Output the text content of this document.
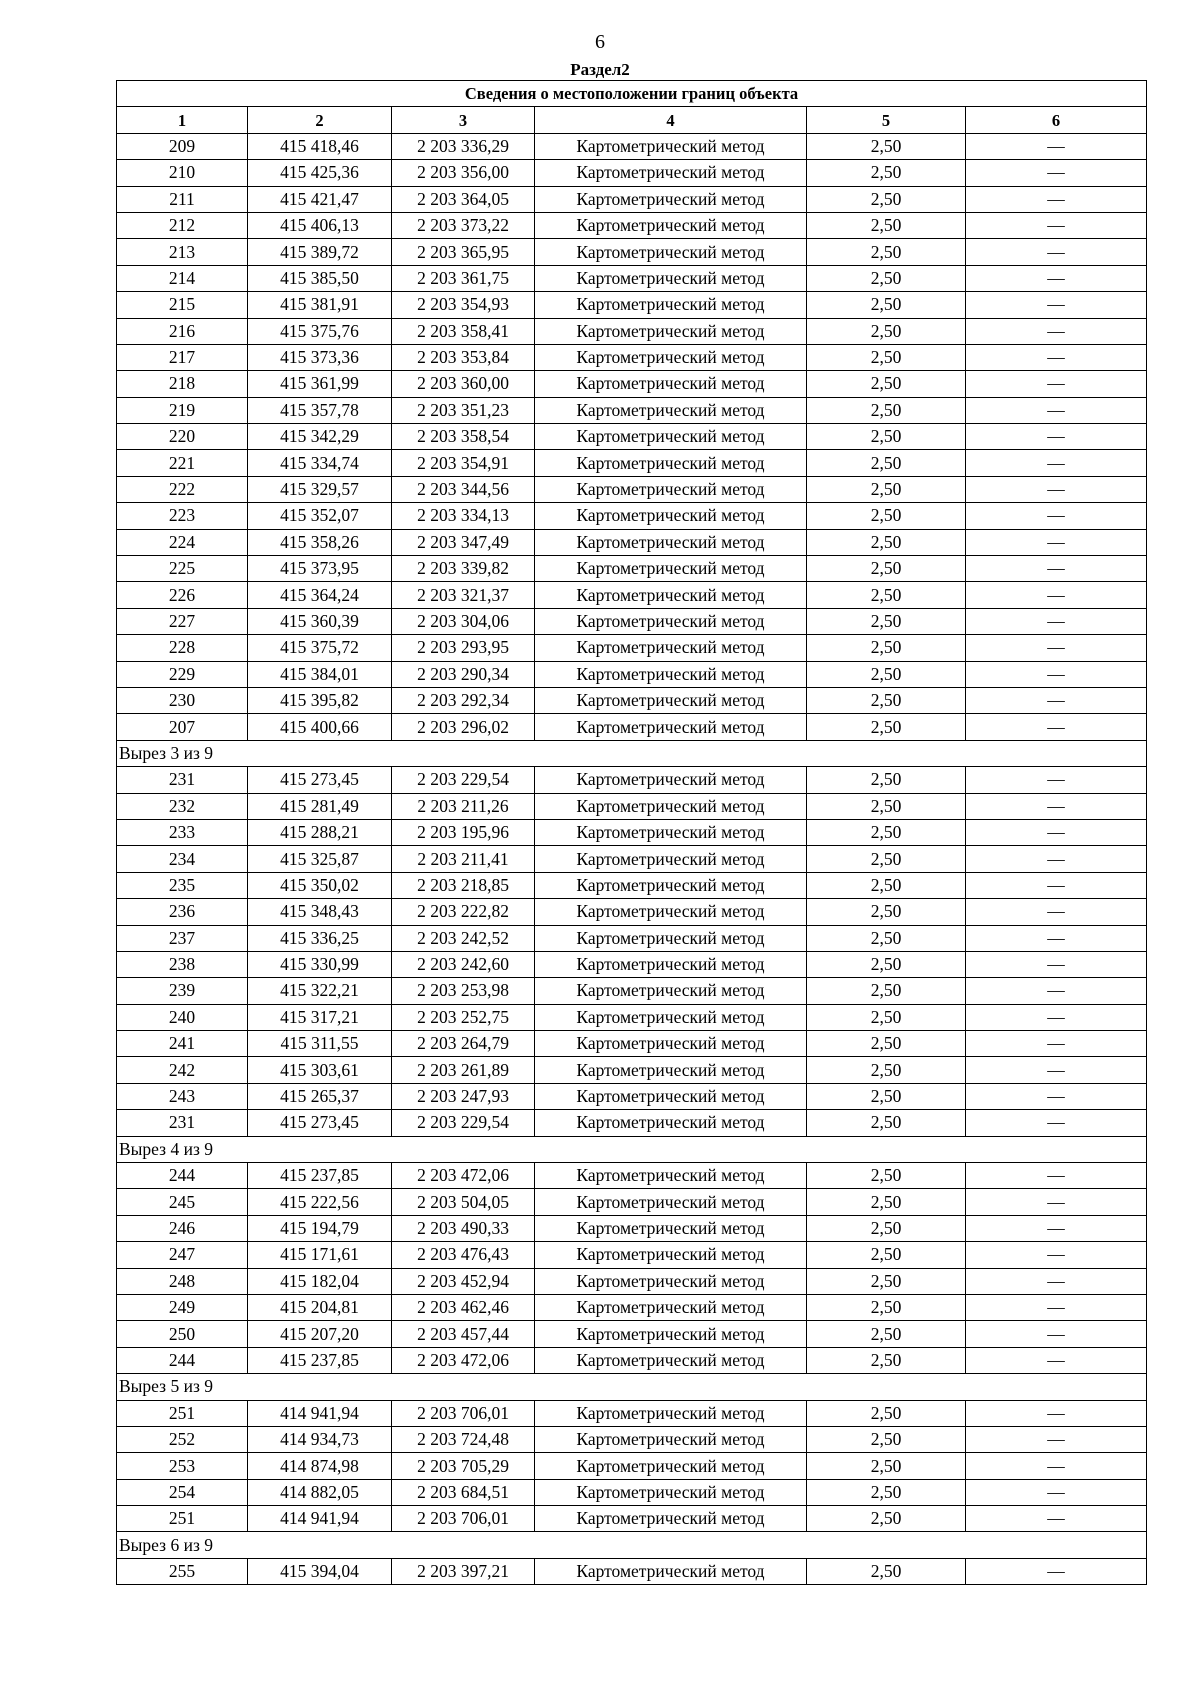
6
Раздел2
Сведения о местоположении границ объекта					
1	2	3	4	5	6
209	415 418,46	2 203 336,29	Картометрический метод	2,50	—
210	415 425,36	2 203 356,00	Картометрический метод	2,50	—
211	415 421,47	2 203 364,05	Картометрический метод	2,50	—
212	415 406,13	2 203 373,22	Картометрический метод	2,50	—
213	415 389,72	2 203 365,95	Картометрический метод	2,50	—
214	415 385,50	2 203 361,75	Картометрический метод	2,50	—
215	415 381,91	2 203 354,93	Картометрический метод	2,50	—
216	415 375,76	2 203 358,41	Картометрический метод	2,50	—
217	415 373,36	2 203 353,84	Картометрический метод	2,50	—
218	415 361,99	2 203 360,00	Картометрический метод	2,50	—
219	415 357,78	2 203 351,23	Картометрический метод	2,50	—
220	415 342,29	2 203 358,54	Картометрический метод	2,50	—
221	415 334,74	2 203 354,91	Картометрический метод	2,50	—
222	415 329,57	2 203 344,56	Картометрический метод	2,50	—
223	415 352,07	2 203 334,13	Картометрический метод	2,50	—
224	415 358,26	2 203 347,49	Картометрический метод	2,50	—
225	415 373,95	2 203 339,82	Картометрический метод	2,50	—
226	415 364,24	2 203 321,37	Картометрический метод	2,50	—
227	415 360,39	2 203 304,06	Картометрический метод	2,50	—
228	415 375,72	2 203 293,95	Картометрический метод	2,50	—
229	415 384,01	2 203 290,34	Картометрический метод	2,50	—
230	415 395,82	2 203 292,34	Картометрический метод	2,50	—
207	415 400,66	2 203 296,02	Картометрический метод	2,50	—
Вырез 3 из 9					
231	415 273,45	2 203 229,54	Картометрический метод	2,50	—
232	415 281,49	2 203 211,26	Картометрический метод	2,50	—
233	415 288,21	2 203 195,96	Картометрический метод	2,50	—
234	415 325,87	2 203 211,41	Картометрический метод	2,50	—
235	415 350,02	2 203 218,85	Картометрический метод	2,50	—
236	415 348,43	2 203 222,82	Картометрический метод	2,50	—
237	415 336,25	2 203 242,52	Картометрический метод	2,50	—
238	415 330,99	2 203 242,60	Картометрический метод	2,50	—
239	415 322,21	2 203 253,98	Картометрический метод	2,50	—
240	415 317,21	2 203 252,75	Картометрический метод	2,50	—
241	415 311,55	2 203 264,79	Картометрический метод	2,50	—
242	415 303,61	2 203 261,89	Картометрический метод	2,50	—
243	415 265,37	2 203 247,93	Картометрический метод	2,50	—
231	415 273,45	2 203 229,54	Картометрический метод	2,50	—
Вырез 4 из 9					
244	415 237,85	2 203 472,06	Картометрический метод	2,50	—
245	415 222,56	2 203 504,05	Картометрический метод	2,50	—
246	415 194,79	2 203 490,33	Картометрический метод	2,50	—
247	415 171,61	2 203 476,43	Картометрический метод	2,50	—
248	415 182,04	2 203 452,94	Картометрический метод	2,50	—
249	415 204,81	2 203 462,46	Картометрический метод	2,50	—
250	415 207,20	2 203 457,44	Картометрический метод	2,50	—
244	415 237,85	2 203 472,06	Картометрический метод	2,50	—
Вырез 5 из 9					
251	414 941,94	2 203 706,01	Картометрический метод	2,50	—
252	414 934,73	2 203 724,48	Картометрический метод	2,50	—
253	414 874,98	2 203 705,29	Картометрический метод	2,50	—
254	414 882,05	2 203 684,51	Картометрический метод	2,50	—
251	414 941,94	2 203 706,01	Картометрический метод	2,50	—
Вырез 6 из 9					
255	415 394,04	2 203 397,21	Картометрический метод	2,50	—
